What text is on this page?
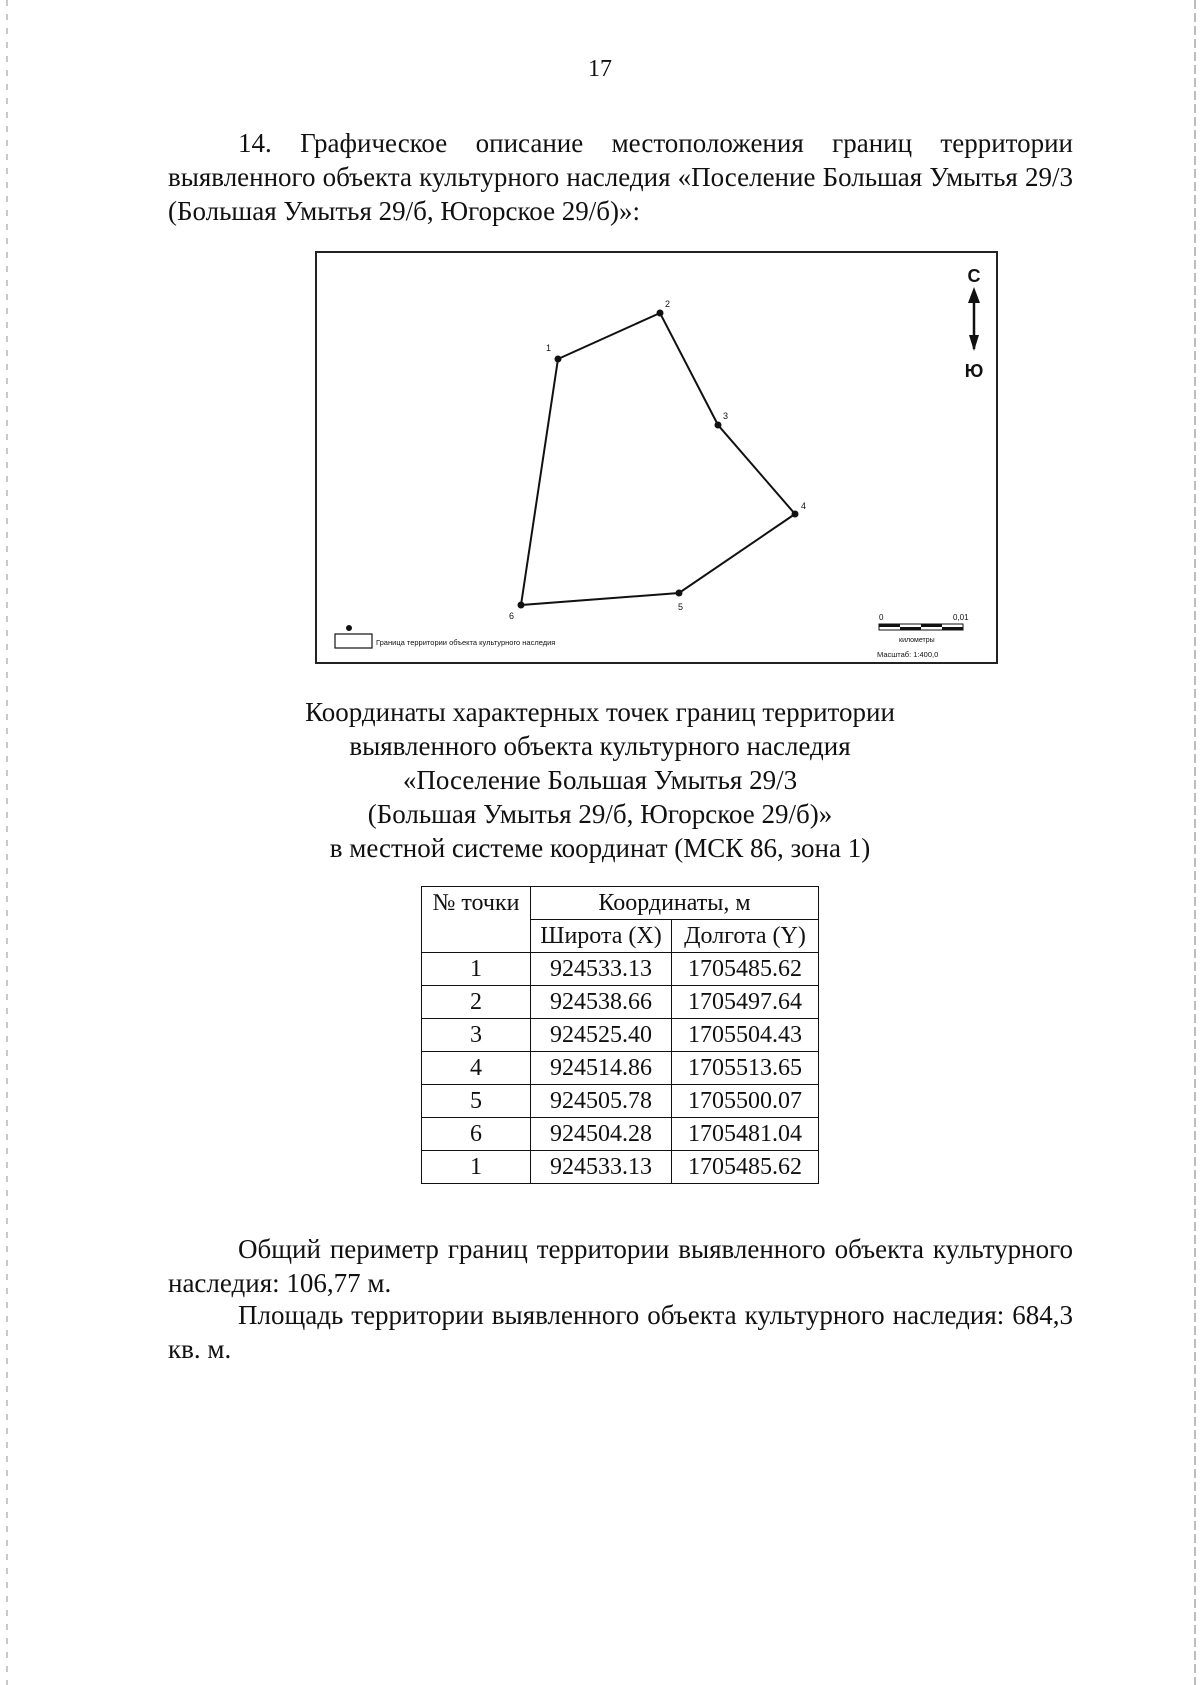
17

14. Графическое описание местоположения границ территории выявленного объекта культурного наследия «Поселение Большая Умытья 29/3 (Большая Умытья 29/б, Югорское 29/б)»:

1
2
3
4
5
6
С
Ю
Граница территории объекта культурного наследия
0	0,01
километры
Масштаб: 1:400,0
Координаты характерных точек границ территории
выявленного объекта культурного наследия
«Поселение Большая Умытья 29/3
(Большая Умытья 29/б, Югорское 29/б)»
в местной системе координат (МСК 86, зона 1)
№ точки	Координаты, м	
	Широта (X)	Долгота (Y)
1	924533.13	1705485.62
2	924538.66	1705497.64
3	924525.40	1705504.43
4	924514.86	1705513.65
5	924505.78	1705500.07
6	924504.28	1705481.04
1	924533.13	1705485.62

Общий периметр границ территории выявленного объекта культурного наследия: 106,77 м.

Площадь территории выявленного объекта культурного наследия: 684,3 кв. м.
